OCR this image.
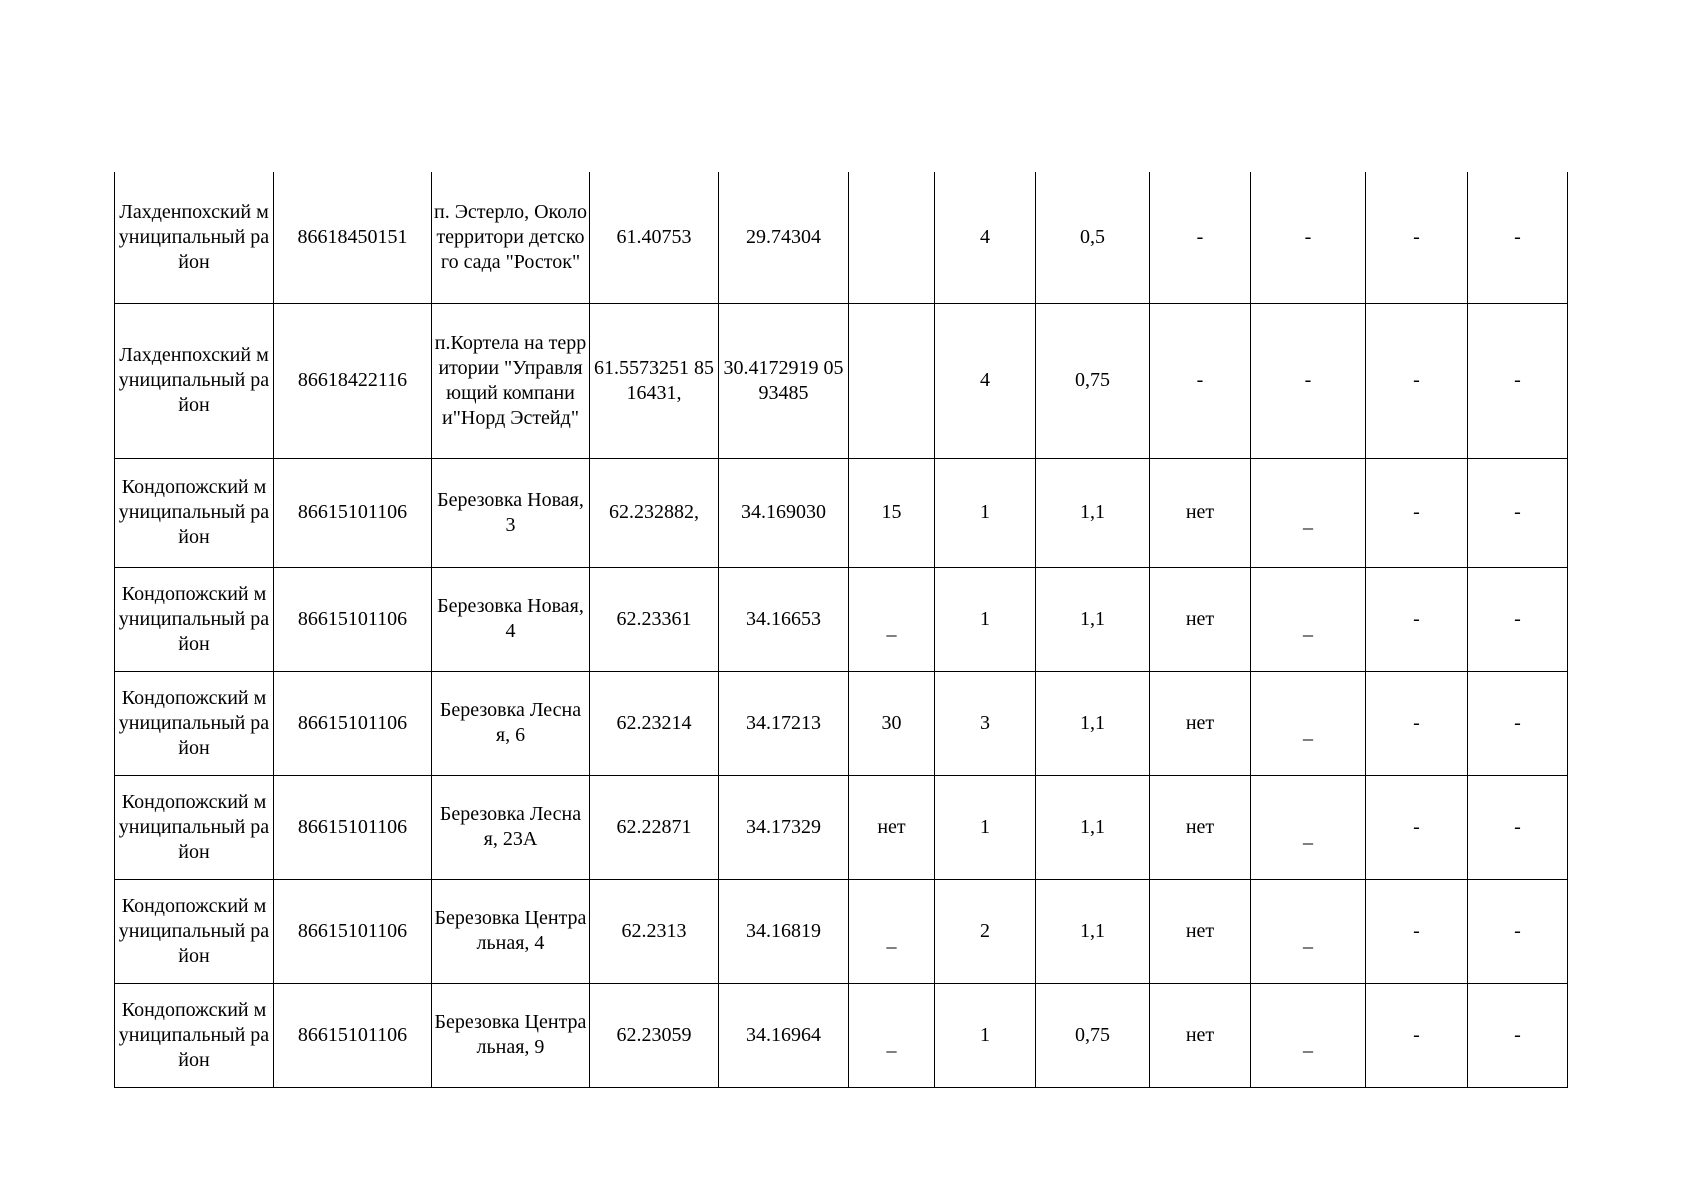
Лахденпохский муниципальный район	86618450151	п. Эстерло, Около территори детского сада "Росток"	61.40753	29.74304		4	0,5	-	-	-	-
Лахденпохский муниципальный район	86618422116	п.Кортела на территории "Управляющий компании"Норд Эстейд"	61.5573251 8516431,	30.4172919 0593485		4	0,75	-	-	-	-
Кондопожский муниципальный район	86615101106	Березовка Новая, 3	62.232882,	34.169030	15	1	1,1	нет	_	-	-
Кондопожский муниципальный район	86615101106	Березовка Новая, 4	62.23361	34.16653	_	1	1,1	нет	_	-	-
Кондопожский муниципальный район	86615101106	Березовка Лесная, 6	62.23214	34.17213	30	3	1,1	нет	_	-	-
Кондопожский муниципальный район	86615101106	Березовка Лесная, 23А	62.22871	34.17329	нет	1	1,1	нет	_	-	-
Кондопожский муниципальный район	86615101106	Березовка Центральная, 4	62.2313	34.16819	_	2	1,1	нет	_	-	-
Кондопожский муниципальный район	86615101106	Березовка Центральная, 9	62.23059	34.16964	_	1	0,75	нет	_	-	-
